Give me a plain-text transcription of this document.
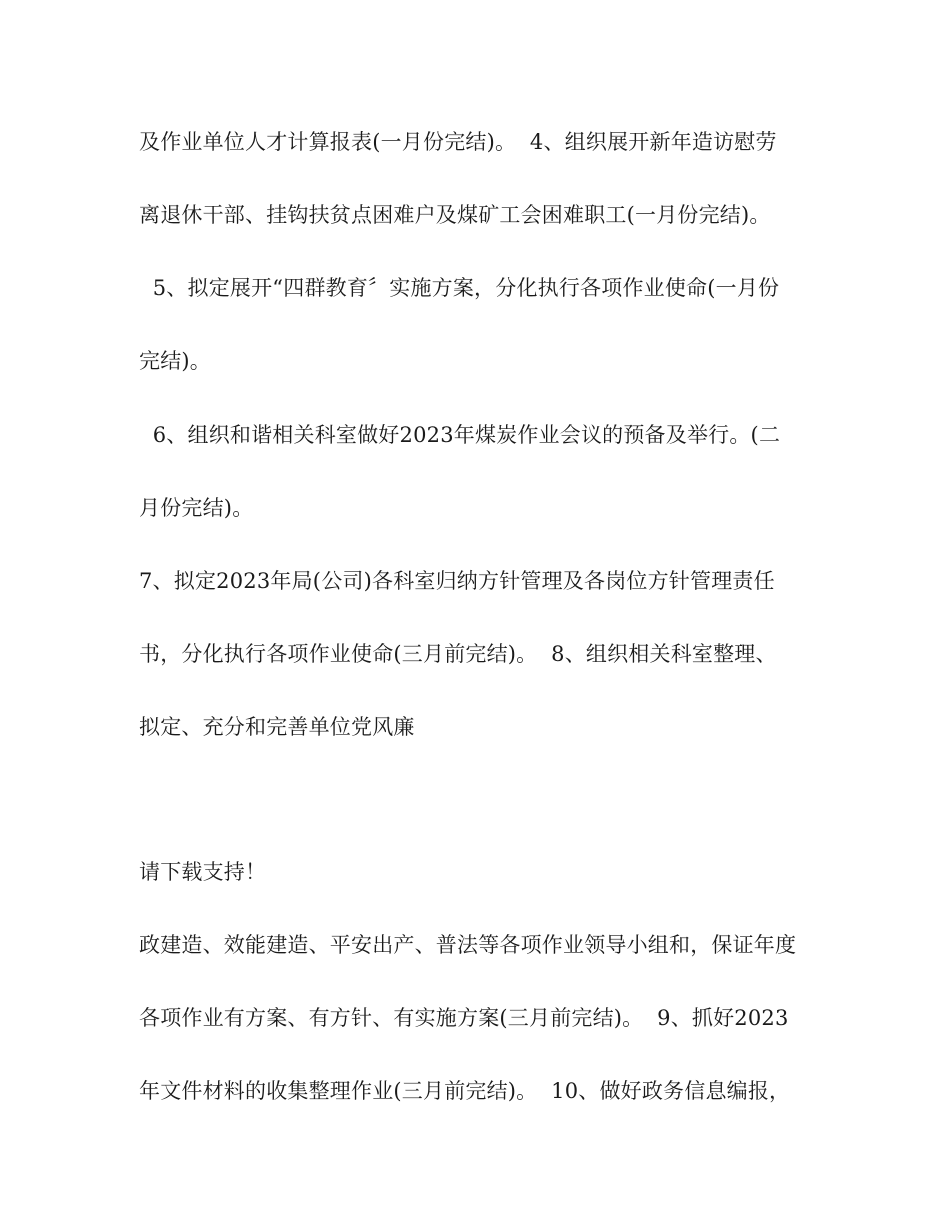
及作业单位人才计算报表(一月份完结)。  4、组织展开新年造访慰劳
离退休干部、挂钩扶贫点困难户及煤矿工会困难职工(一月份完结)。
5、拟定展开“四群教育〞实施方案，分化执行各项作业使命(一月份
完结)。
6、组织和谐相关科室做好2023年煤炭作业会议的预备及举行。(二
月份完结)。
7、拟定2023年局(公司)各科室归纳方针管理及各岗位方针管理责任
书，分化执行各项作业使命(三月前完结)。  8、组织相关科室整理、
拟定、充分和完善单位党风廉
请下载支持！
政建造、效能建造、平安出产、普法等各项作业领导小组和，保证年度
各项作业有方案、有方针、有实施方案(三月前完结)。  9、抓好2023
年文件材料的收集整理作业(三月前完结)。  10、做好政务信息编报，
